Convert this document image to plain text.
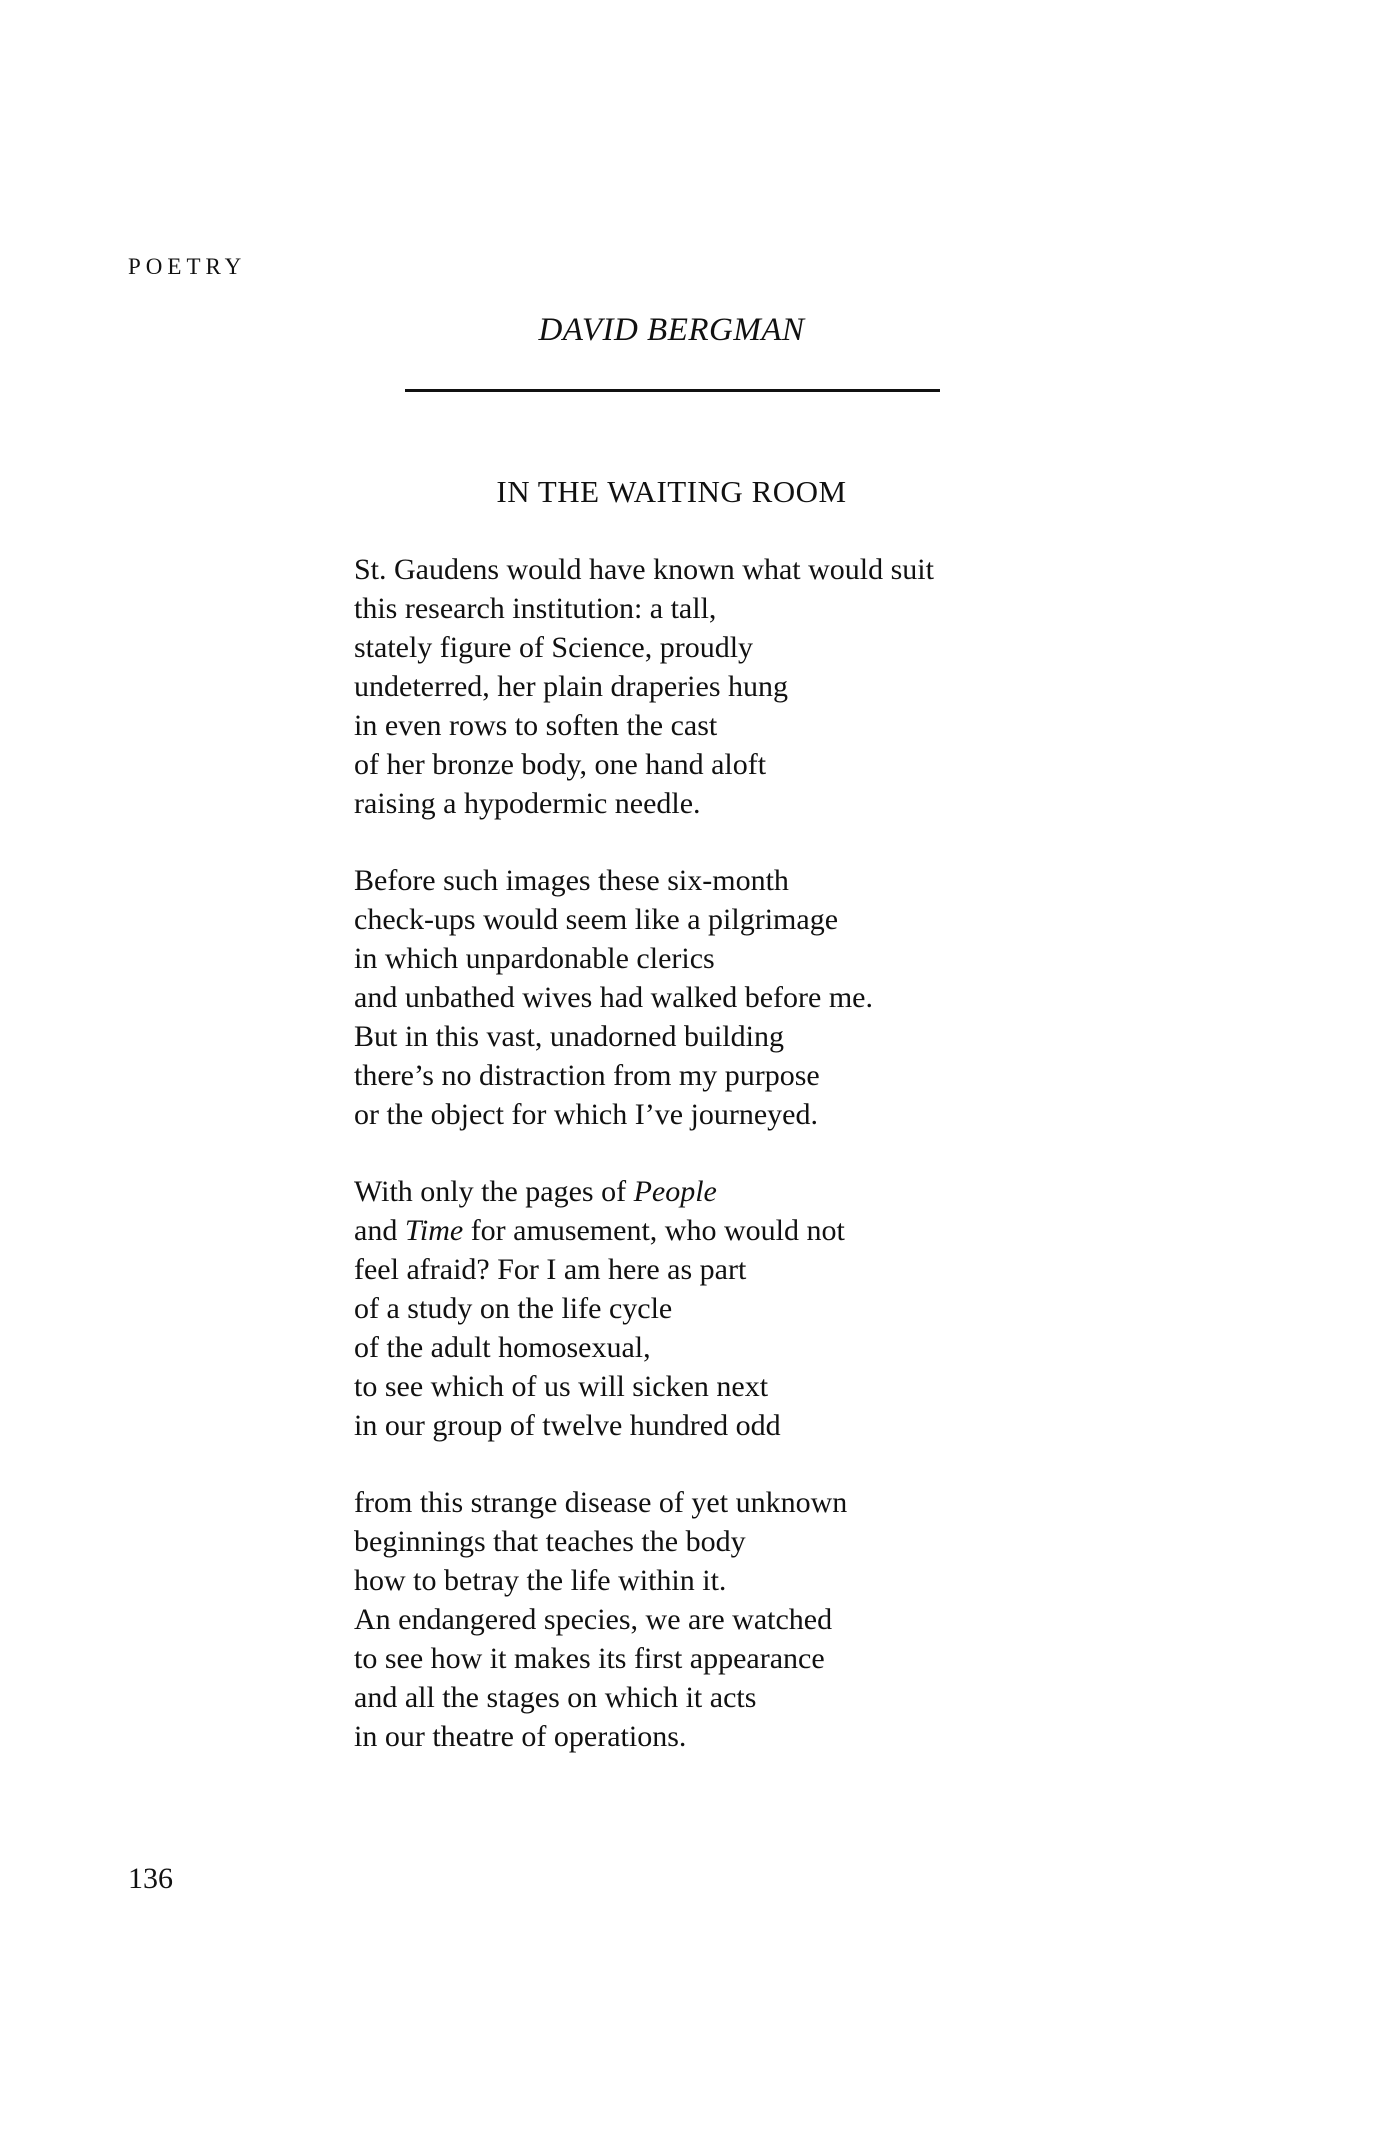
POETRY
DAVID BERGMAN
IN THE WAITING ROOM
St. Gaudens would have known what would suit
this research institution: a tall,
stately figure of Science, proudly
undeterred, her plain draperies hung
in even rows to soften the cast
of her bronze body, one hand aloft
raising a hypodermic needle.
Before such images these six-month
check-ups would seem like a pilgrimage
in which unpardonable clerics
and unbathed wives had walked before me.
But in this vast, unadorned building
there’s no distraction from my purpose
or the object for which I’ve journeyed.
With only the pages of People
and Time for amusement, who would not
feel afraid? For I am here as part
of a study on the life cycle
of the adult homosexual,
to see which of us will sicken next
in our group of twelve hundred odd
from this strange disease of yet unknown
beginnings that teaches the body
how to betray the life within it.
An endangered species, we are watched
to see how it makes its first appearance
and all the stages on which it acts
in our theatre of operations.
136
